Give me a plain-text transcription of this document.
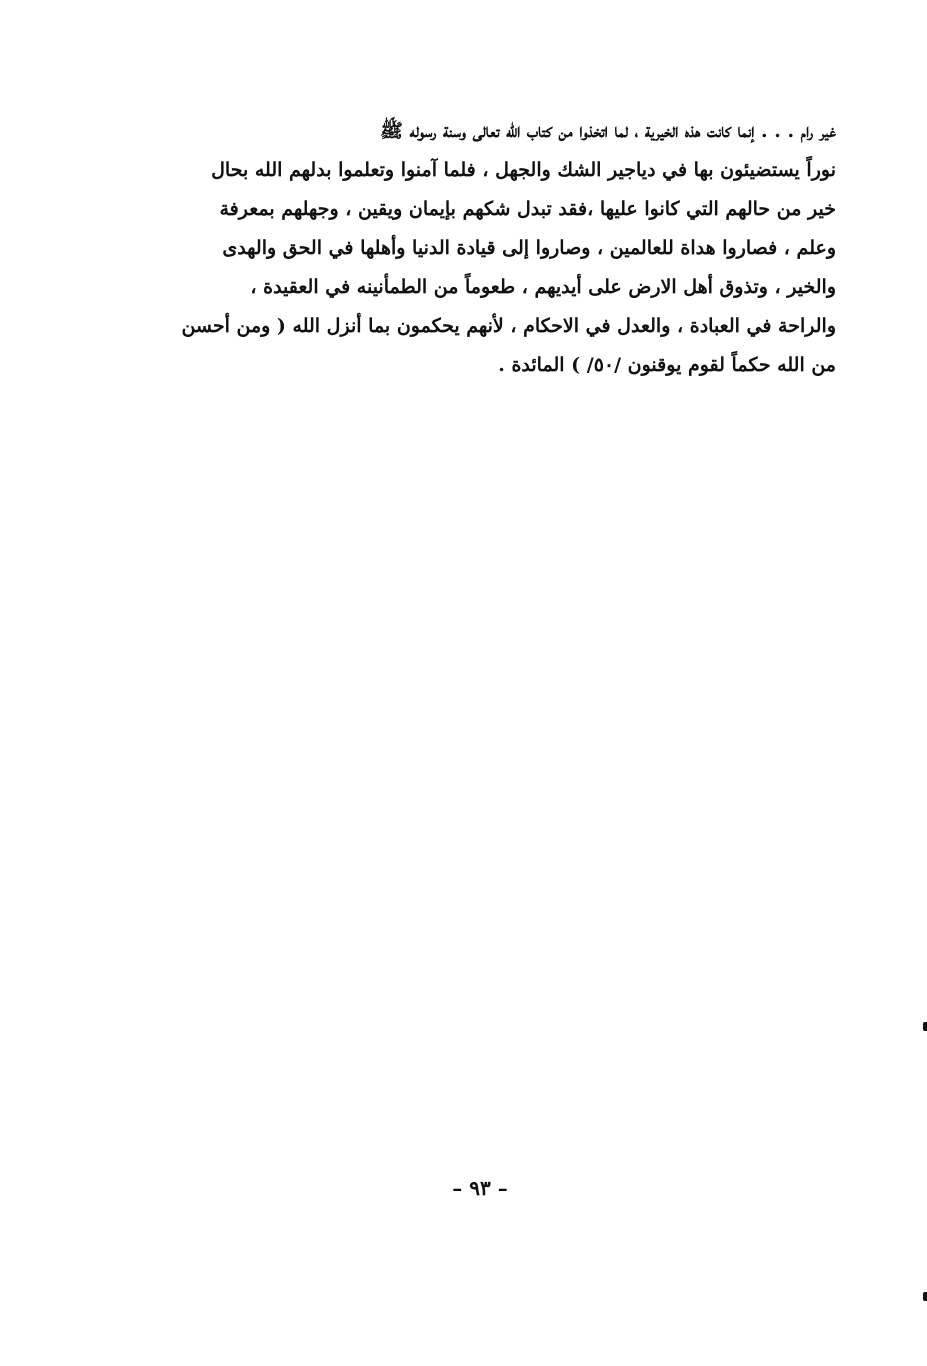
غير رام . . . إنما كانت هذه الخيرية ، لما اتخذوا من كتاب الله تعالى وسنة رسوله ﷺ
نوراً يستضيئون بها في دياجير الشك والجهل ، فلما آمنوا وتعلموا بدلهم الله بحال
خير من حالهم التي كانوا عليها ،فقد تبدل شكهم بإيمان ويقين ، وجهلهم بمعرفة
وعلم ، فصاروا هداة للعالمين ، وصاروا إلى قيادة الدنيا وأهلها في الحق والهدى
والخير ، وتذوق أهل الارض على أيديهم ، طعوماً من الطمأنينه في العقيدة ،
والراحة في العبادة ، والعدل في الاحكام ، لأنهم يحكمون بما أنزل الله ( ومن أحسن
من الله حكماً لقوم يوقنون /٥٠/ ) المائدة .
– ٩٣ –
